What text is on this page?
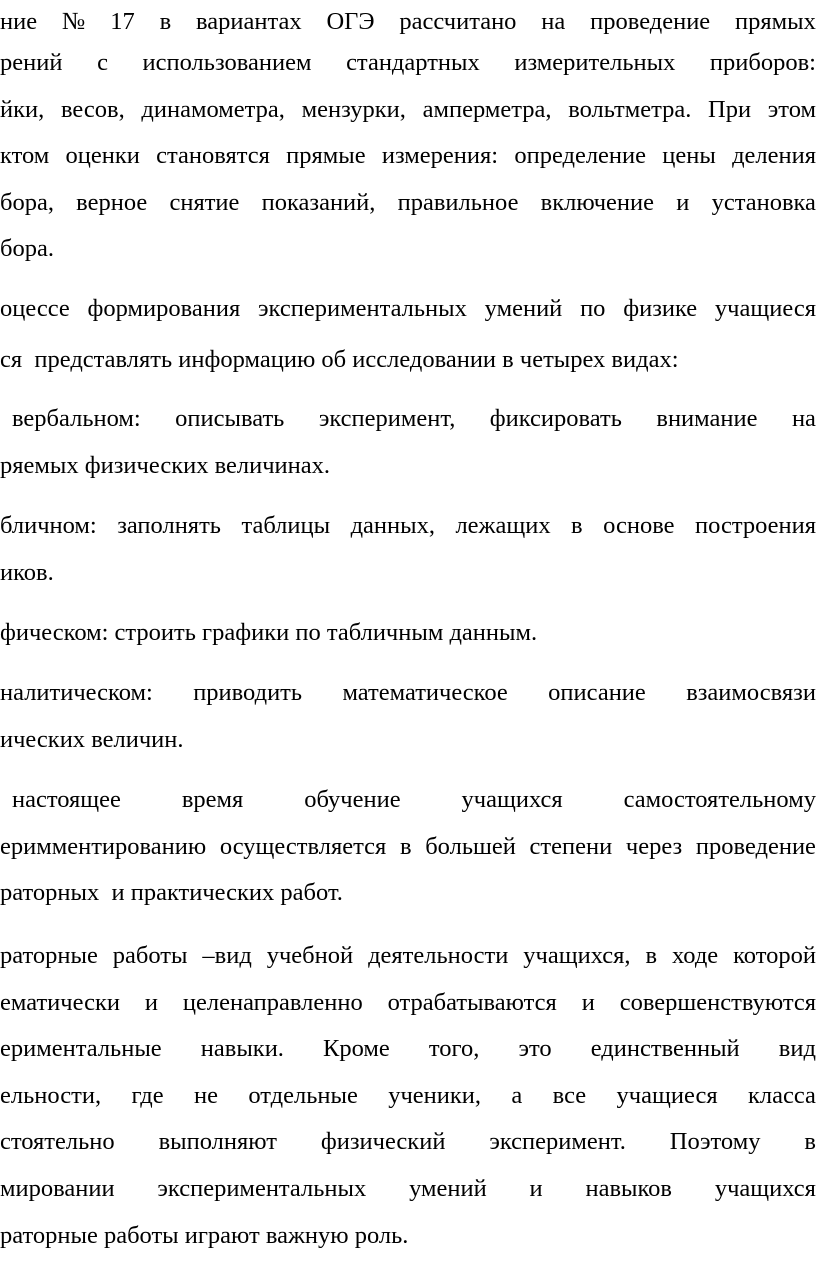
ние № 17 в вариантах ОГЭ рассчитано на проведение прямых
рений с использованием стандартных измерительных приборов:
йки, весов, динамометра, мензурки, амперметра, вольтметра. При этом
ктом оценки становятся прямые измерения: определение цены деления
бора, верное снятие показаний, правильное включение и установка
бора.
оцессе формирования экспериментальных умений по физике учащиеся
ся представлять информацию об исследовании в четырех видах:
вербальном: описывать эксперимент, фиксировать внимание на
ряемых физических величинах.
бличном: заполнять таблицы данных, лежащих в основе построения
иков.
фическом: строить графики по табличным данным.
налитическом: приводить математическое описание взаимосвязи
ических величин.
настоящее время обучение учащихся самостоятельному
еримментированию осуществляется в большей степени через проведение
раторных и практических работ.
раторные работы –вид учебной деятельности учащихся, в ходе которой
ематически и целенаправленно отрабатываются и совершенствуются
ериментальные навыки. Кроме того, это единственный вид
ельности, где не отдельные ученики, а все учащиеся класса
стоятельно выполняют физический эксперимент. Поэтому в
мировании экспериментальных умений и навыков учащихся
раторные работы играют важную роль.
